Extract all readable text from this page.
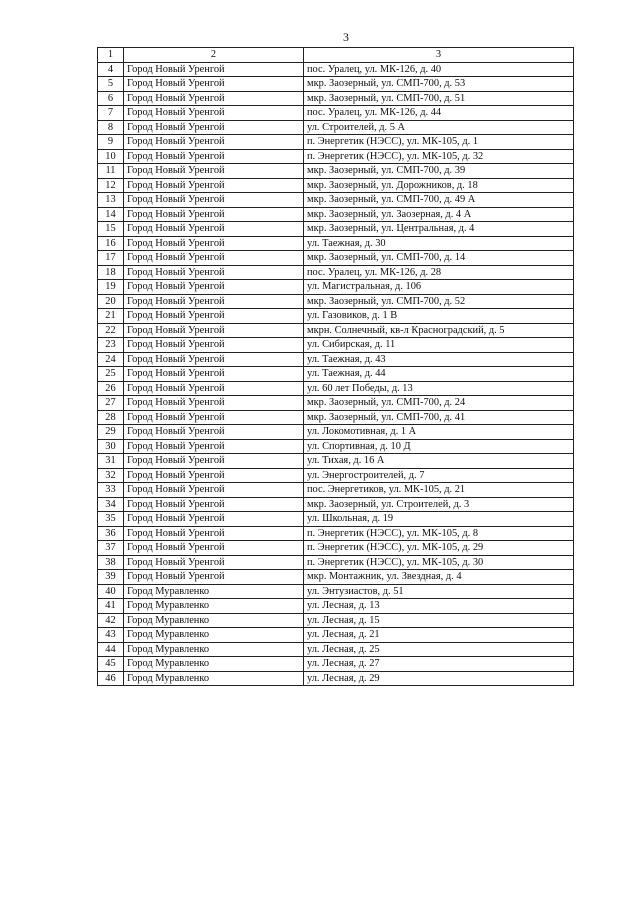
3
1	2	3
4	Город Новый Уренгой	пос. Уралец, ул. МК-126, д. 40
5	Город Новый Уренгой	мкр. Заозерный, ул. СМП-700, д. 53
6	Город Новый Уренгой	мкр. Заозерный, ул. СМП-700, д. 51
7	Город Новый Уренгой	пос. Уралец, ул. МК-126, д. 44
8	Город Новый Уренгой	ул. Строителей, д. 5 А
9	Город Новый Уренгой	п. Энергетик (НЭСС), ул. МК-105, д. 1
10	Город Новый Уренгой	п. Энергетик (НЭСС), ул. МК-105, д. 32
11	Город Новый Уренгой	мкр. Заозерный, ул. СМП-700, д. 39
12	Город Новый Уренгой	мкр. Заозерный, ул. Дорожников, д. 18
13	Город Новый Уренгой	мкр. Заозерный, ул. СМП-700, д. 49 А
14	Город Новый Уренгой	мкр. Заозерный, ул. Заозерная, д. 4 А
15	Город Новый Уренгой	мкр. Заозерный, ул. Центральная, д. 4
16	Город Новый Уренгой	ул. Таежная, д. 30
17	Город Новый Уренгой	мкр. Заозерный, ул. СМП-700, д. 14
18	Город Новый Уренгой	пос. Уралец, ул. МК-126, д. 28
19	Город Новый Уренгой	ул. Магистральная, д. 106
20	Город Новый Уренгой	мкр. Заозерный, ул. СМП-700, д. 52
21	Город Новый Уренгой	ул. Газовиков, д. 1 В
22	Город Новый Уренгой	мкрн. Солнечный, кв-л Красноградский, д. 5
23	Город Новый Уренгой	ул. Сибирская, д. 11
24	Город Новый Уренгой	ул. Таежная, д. 43
25	Город Новый Уренгой	ул. Таежная, д. 44
26	Город Новый Уренгой	ул. 60 лет Победы, д. 13
27	Город Новый Уренгой	мкр. Заозерный, ул. СМП-700, д. 24
28	Город Новый Уренгой	мкр. Заозерный, ул. СМП-700, д. 41
29	Город Новый Уренгой	ул. Локомотивная, д. 1 А
30	Город Новый Уренгой	ул. Спортивная, д. 10 Д
31	Город Новый Уренгой	ул. Тихая, д. 16 А
32	Город Новый Уренгой	ул. Энергостроителей, д. 7
33	Город Новый Уренгой	пос. Энергетиков, ул. МК-105, д. 21
34	Город Новый Уренгой	мкр. Заозерный, ул. Строителей, д. 3
35	Город Новый Уренгой	ул. Школьная, д. 19
36	Город Новый Уренгой	п. Энергетик (НЭСС), ул. МК-105, д. 8
37	Город Новый Уренгой	п. Энергетик (НЭСС), ул. МК-105, д. 29
38	Город Новый Уренгой	п. Энергетик (НЭСС), ул. МК-105, д. 30
39	Город Новый Уренгой	мкр. Монтажник, ул. Звездная, д. 4
40	Город Муравленко	ул. Энтузиастов, д. 51
41	Город Муравленко	ул. Лесная, д. 13
42	Город Муравленко	ул. Лесная, д. 15
43	Город Муравленко	ул. Лесная, д. 21
44	Город Муравленко	ул. Лесная, д. 25
45	Город Муравленко	ул. Лесная, д. 27
46	Город Муравленко	ул. Лесная, д. 29
